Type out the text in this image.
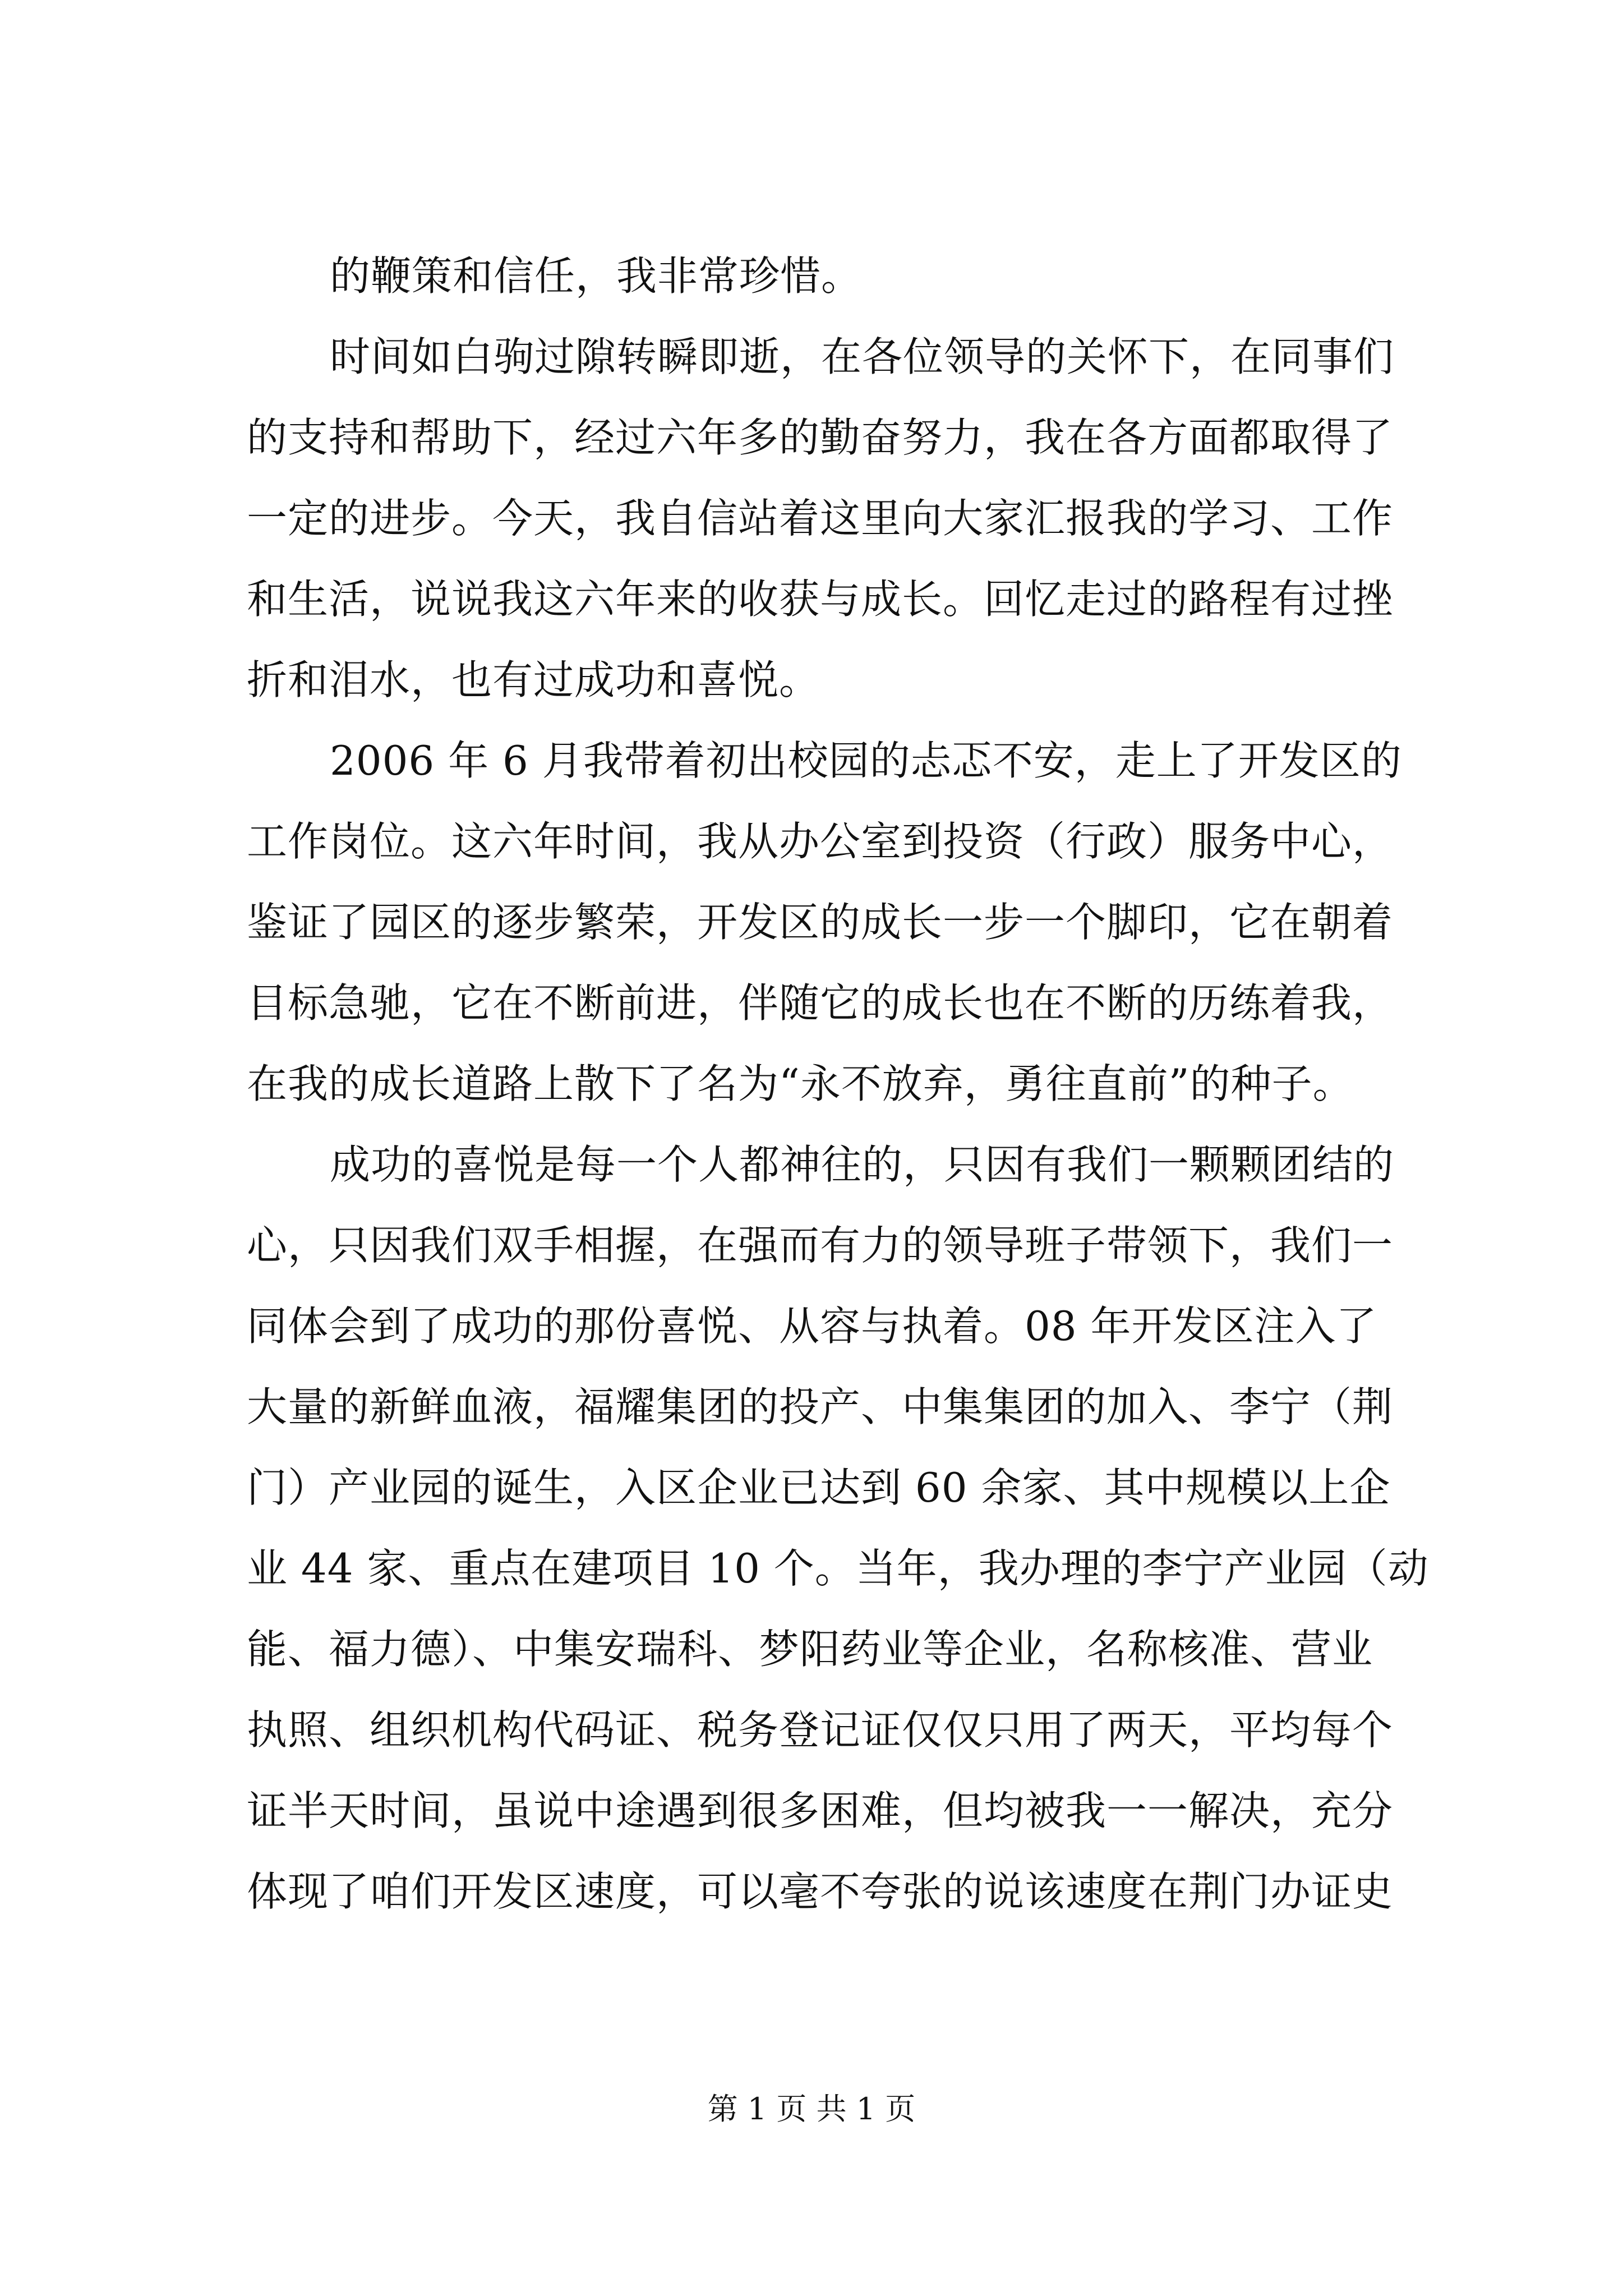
的鞭策和信任，我非常珍惜。
时间如白驹过隙转瞬即逝，在各位领导的关怀下，在同事们
的支持和帮助下，经过六年多的勤奋努力，我在各方面都取得了
一定的进步。今天，我自信站着这里向大家汇报我的学习、工作
和生活，说说我这六年来的收获与成长。回忆走过的路程有过挫
折和泪水，也有过成功和喜悦。
2006 年 6 月我带着初出校园的忐忑不安，走上了开发区的
工作岗位。这六年时间，我从办公室到投资（行政）服务中心，
鉴证了园区的逐步繁荣，开发区的成长一步一个脚印，它在朝着
目标急驰，它在不断前进，伴随它的成长也在不断的历练着我，
在我的成长道路上散下了名为“永不放弃，勇往直前”的种子。
成功的喜悦是每一个人都神往的，只因有我们一颗颗团结的
心，只因我们双手相握，在强而有力的领导班子带领下，我们一
同体会到了成功的那份喜悦、从容与执着。08 年开发区注入了
大量的新鲜血液，福耀集团的投产、中集集团的加入、李宁（荆
门）产业园的诞生，入区企业已达到 60 余家、其中规模以上企
业 44 家、重点在建项目 10 个。当年，我办理的李宁产业园（动
能、福力德）、中集安瑞科、梦阳药业等企业，名称核准、营业
执照、组织机构代码证、税务登记证仅仅只用了两天，平均每个
证半天时间，虽说中途遇到很多困难，但均被我一一解决，充分
体现了咱们开发区速度，可以毫不夸张的说该速度在荆门办证史
第 1 页 共 1 页
